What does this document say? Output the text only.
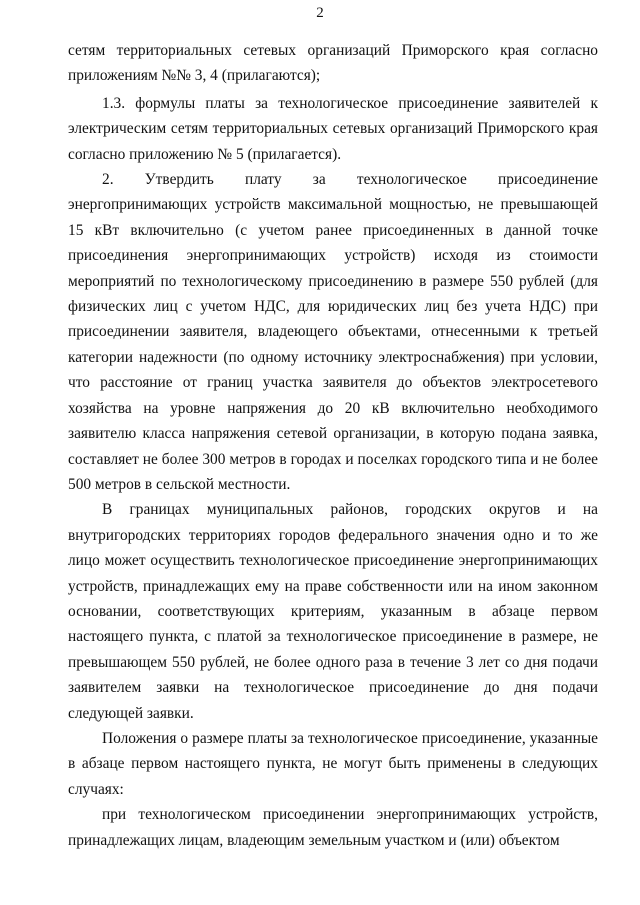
2

сетям территориальных сетевых организаций Приморского края согласно приложениям №№ 3, 4 (прилагаются);

1.3. формулы платы за технологическое присоединение заявителей к электрическим сетям территориальных сетевых организаций Приморского края согласно приложению № 5 (прилагается).

2. Утвердить плату за технологическое присоединение энергопринимающих устройств максимальной мощностью, не превышающей 15 кВт включительно (с учетом ранее присоединенных в данной точке присоединения энергопринимающих устройств) исходя из стоимости мероприятий по технологическому присоединению в размере 550 рублей (для физических лиц с учетом НДС, для юридических лиц без учета НДС) при присоединении заявителя, владеющего объектами, отнесенными к третьей категории надежности (по одному источнику электроснабжения) при условии, что расстояние от границ участка заявителя до объектов электросетевого хозяйства на уровне напряжения до 20 кВ включительно необходимого заявителю класса напряжения сетевой организации, в которую подана заявка, составляет не более 300 метров в городах и поселках городского типа и не более 500 метров в сельской местности.

В границах муниципальных районов, городских округов и на внутригородских территориях городов федерального значения одно и то же лицо может осуществить технологическое присоединение энергопринимающих устройств, принадлежащих ему на праве собственности или на ином законном основании, соответствующих критериям, указанным в абзаце первом настоящего пункта, с платой за технологическое присоединение в размере, не превышающем 550 рублей, не более одного раза в течение 3 лет со дня подачи заявителем заявки на технологическое присоединение до дня подачи следующей заявки.

Положения о размере платы за технологическое присоединение, указанные в абзаце первом настоящего пункта, не могут быть применены в следующих случаях:

при технологическом присоединении энергопринимающих устройств, принадлежащих лицам, владеющим земельным участком и (или) объектом
